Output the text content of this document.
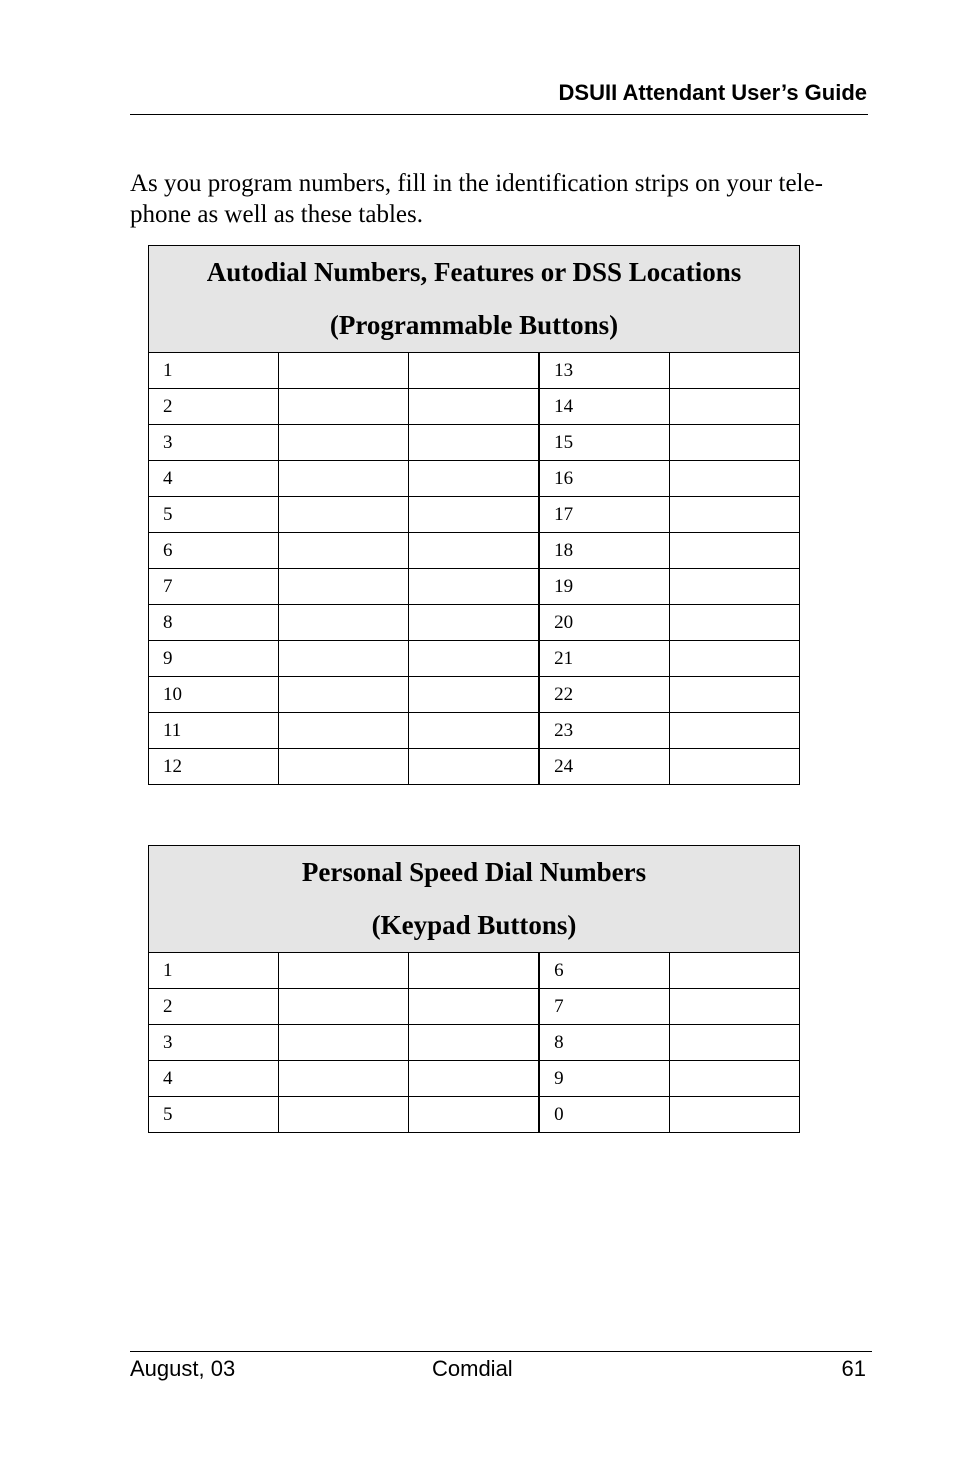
DSUII Attendant User’s Guide

As you program numbers, fill in the identification strips on your tele-phone as well as these tables.

Autodial Numbers, Features or DSS Locations
(Programmable Buttons)				

1			13	
2			14	
3			15	
4			16	
5			17	
6			18	
7			19	
8			20	
9			21	
10			22	
11			23	
12			24	
Personal Speed Dial Numbers
(Keypad Buttons)				

1			6	
2			7	
3			8	
4			9	
5			0	
August, 03	Comdial	61
